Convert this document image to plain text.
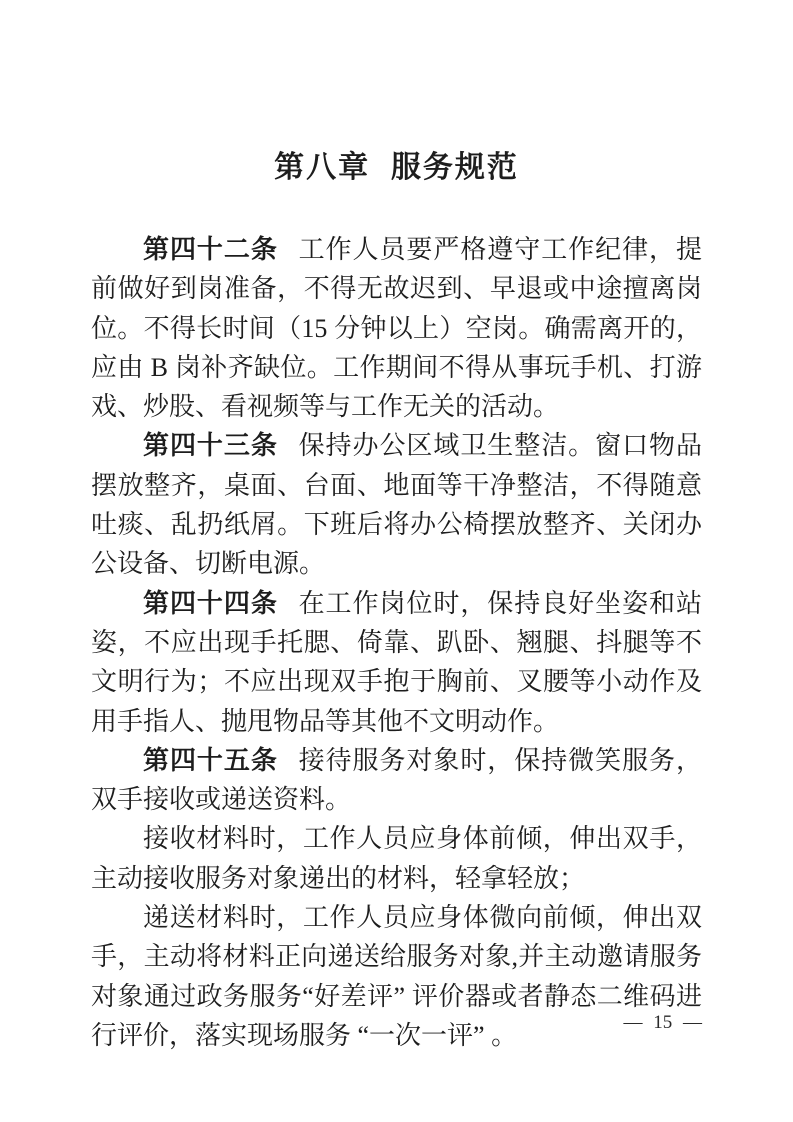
第八章  服务规范

第四十二条 工作人员要严格遵守工作纪律，提前做好到岗准备，不得无故迟到、早退或中途擅离岗位。不得长时间（15 分钟以上）空岗。确需离开的，应由 B 岗补齐缺位。工作期间不得从事玩手机、打游戏、炒股、看视频等与工作无关的活动。

第四十三条 保持办公区域卫生整洁。窗口物品摆放整齐，桌面、台面、地面等干净整洁，不得随意吐痰、乱扔纸屑。下班后将办公椅摆放整齐、关闭办公设备、切断电源。

第四十四条 在工作岗位时，保持良好坐姿和站姿，不应出现手托腮、倚靠、趴卧、翘腿、抖腿等不文明行为；不应出现双手抱于胸前、叉腰等小动作及用手指人、抛甩物品等其他不文明动作。

第四十五条 接待服务对象时，保持微笑服务，双手接收或递送资料。

接收材料时，工作人员应身体前倾，伸出双手，主动接收服务对象递出的材料，轻拿轻放；

递送材料时，工作人员应身体微向前倾，伸出双手，主动将材料正向递送给服务对象,并主动邀请服务对象通过政务服务“好差评” 评价器或者静态二维码进行评价，落实现场服务 “一次一评” 。	— 15 —
